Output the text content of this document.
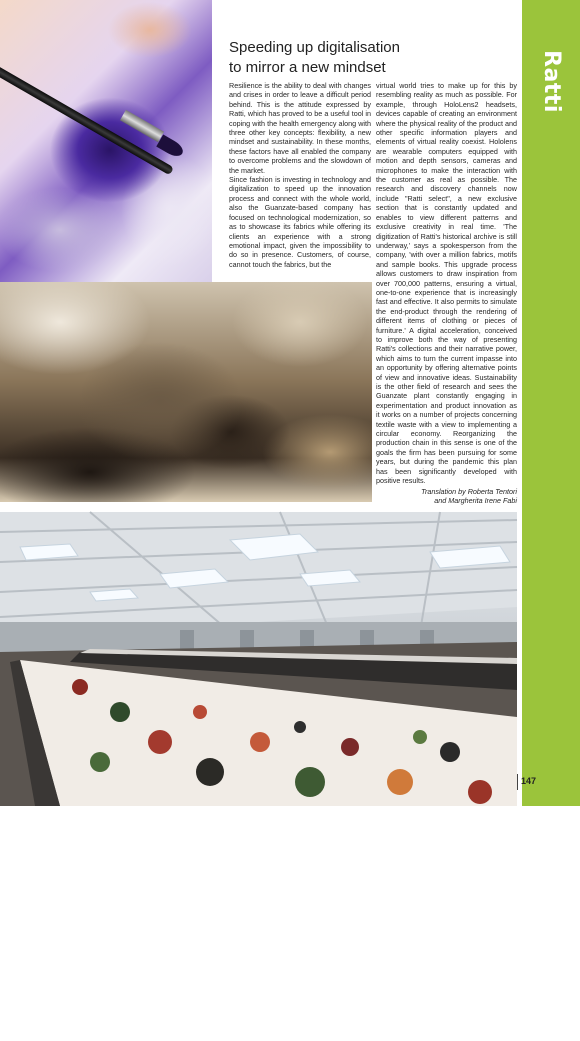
PHOTO NICCOLÒ BIDDAU
Ratti
Speeding up digitalisation
to mirror a new mindset

Resilience is the ability to deal with changes and crises in order to leave a difficult period behind. This is the attitude expressed by Ratti, which has proved to be a useful tool in coping with the health emergency along with three other key concepts: flexibility, a new mindset and sustainability. In these months, these factors have all enabled the company to overcome problems and the slowdown of the market.

Since fashion is investing in technology and digitalization to speed up the innovation process and connect with the whole world, also the Guanzate-based company has focused on technological modernization, so as to showcase its fabrics while offering its clients an experience with a strong emotional impact, given the impossibility to do so in presence. Customers, of course, cannot touch the fabrics, but the

virtual world tries to make up for this by resembling reality as much as possible. For example, through HoloLens2 headsets, devices capable of creating an environment where the physical reality of the product and other specific information players and elements of virtual reality coexist. Hololens are wearable computers equipped with motion and depth sensors, cameras and microphones to make the interaction with the customer as real as possible. The research and discovery channels now include "Ratti select", a new exclusive section that is constantly updated and enables to view different patterns and exclusive creativity in real time. 'The digitization of Ratti's historical archive is still underway,' says a spokesperson from the company, 'with over a million fabrics, motifs and sample books. This upgrade process allows customers to draw inspiration from over 700,000 patterns, ensuring a virtual, one-to-one experience that is increasingly fast and effective. It also permits to simulate the end-product through the rendering of different items of clothing or pieces of furniture.' A digital acceleration, conceived to improve both the way of presenting Ratti's collections and their narrative power, which aims to turn the current impasse into an opportunity by offering alternative points of view and innovative ideas. Sustainability is the other field of research and sees the Guanzate plant constantly engaging in experimentation and product innovation as it works on a number of projects concerning textile waste with a view to implementing a circular economy. Reorganizing the production chain in this sense is one of the goals the firm has been pursuing for some years, but during the pandemic this plan has been significantly developed with positive results.

Translation by Roberta Tentori
and Margherita Irene Fabi
147
